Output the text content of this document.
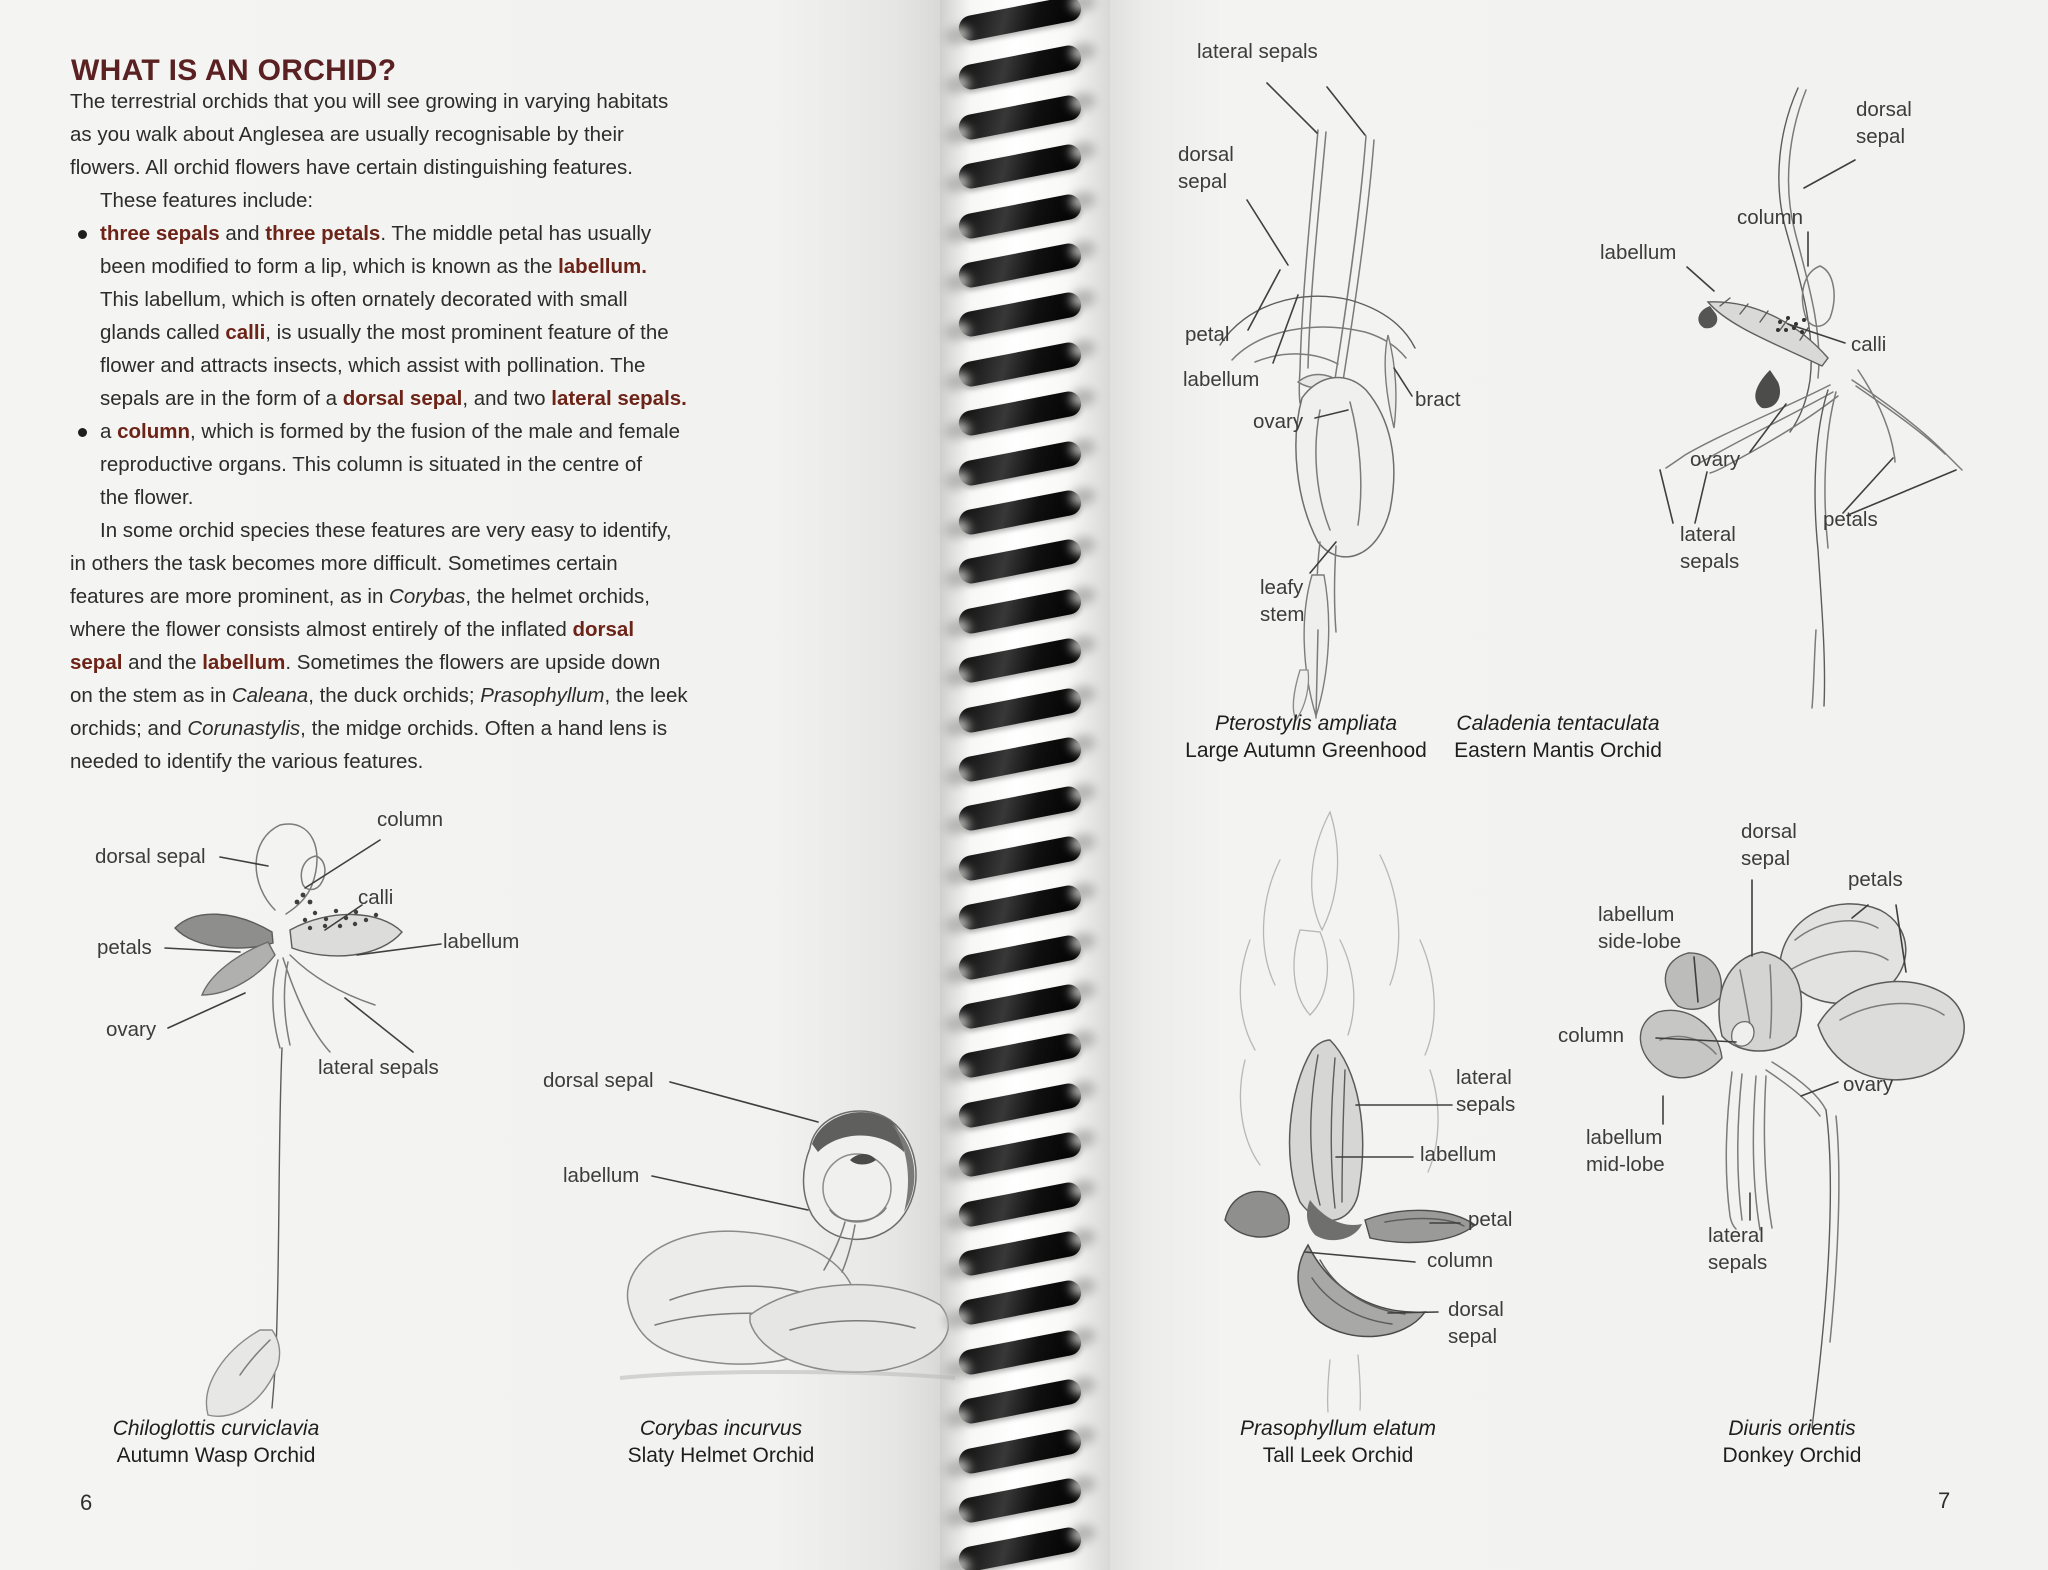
WHAT IS AN ORCHID?

The terrestrial orchids that you will see growing in varying habitats
as you walk about Anglesea are usually recognisable by their
flowers. All orchid flowers have certain distinguishing features.

These features include:

three sepals and three petals. The middle petal has usually
been modified to form a lip, which is known as the labellum.
This labellum, which is often ornately decorated with small
glands called calli, is usually the most prominent feature of the
flower and attracts insects, which assist with pollination. The
sepals are in the form of a dorsal sepal, and two lateral sepals.
a column, which is formed by the fusion of the male and female
reproductive organs. This column is situated in the centre of
the flower.

In some orchid species these features are very easy to identify,
in others the task becomes more difficult. Sometimes certain
features are more prominent, as in Corybas, the helmet orchids,
where the flower consists almost entirely of the inflated dorsal
sepal and the labellum. Sometimes the flowers are upside down
on the stem as in Caleana, the duck orchids; Prasophyllum, the leek
orchids; and Corunastylis, the midge orchids. Often a hand lens is
needed to identify the various features.

column
dorsal sepal
calli
petals	labellum
ovary
lateral sepals
Chiloglottis curviclavia
Autumn Wasp Orchid
dorsal sepal
labellum
Corybas incurvus
Slaty Helmet Orchid
lateral sepals
dorsal sepal
petal
labellum
ovary
bract
leafy stem
Pterostylis ampliata
Large Autumn Greenhood
dorsal sepal
column
labellum
calli
ovary
lateral sepals
petals
Caladenia tentaculata
Eastern Mantis Orchid
lateral sepals
labellum
petal
column
dorsal sepal
Prasophyllum elatum
Tall Leek Orchid
dorsal sepal
petals
labellum side-lobe
column
labellum mid-lobe
ovary
lateral sepals
Diuris orientis
Donkey Orchid
6	7
